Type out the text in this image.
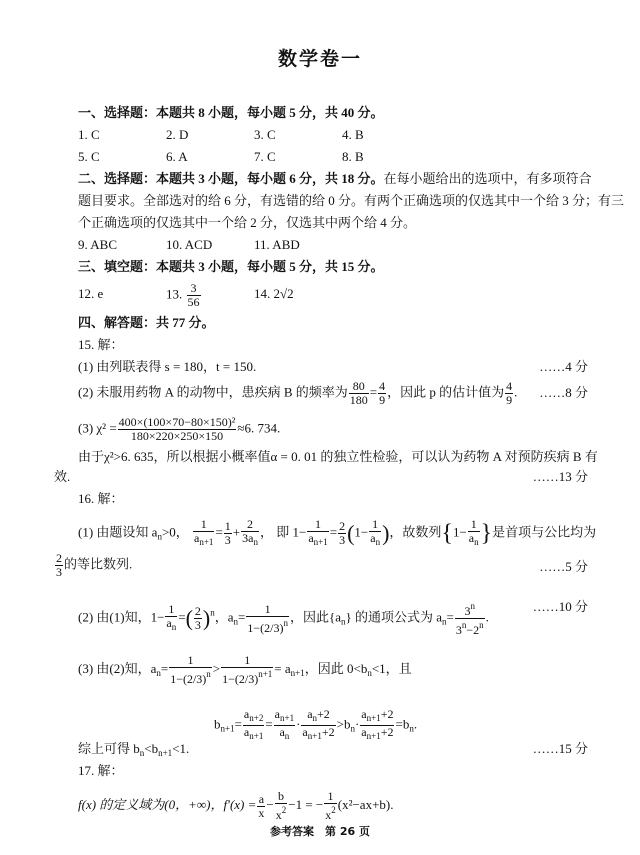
数学卷一
一、选择题：本题共 8 小题，每小题 5 分，共 40 分。
1. C	2. D	3. C	4. B
5. C	6. A	7. C	8. B
二、选择题：本题共 3 小题，每小题 6 分，共 18 分。在每小题给出的选项中，有多项符合
题目要求。全部选对的给 6 分，有选错的给 0 分。有两个正确选项的仅选其中一个给 3 分；有三
个正确选项的仅选其中一个给 2 分，仅选其中两个给 4 分。
9. ABC	10. ACD	11. ABD
三、填空题：本题共 3 小题，每小题 5 分，共 15 分。
12. e	13. $\frac{3}{56}$	14. 2√2
四、解答题：共 77 分。
15. 解：
(1) 由列联表得 s = 180，t = 150.	……4 分
(2) 未服用药物 A 的动物中，患疾病 B 的频率为 $\frac{80}{180} = \frac{4}{9}$ ，因此 p 的估计值为 $\frac{4}{9}$ . ……8 分
(3) $\chi^2 = \frac{\text{400×(100×70−80×150)²}}{180\times 220\times 250\times 150} \approx 6$. 734.
由于χ²>6. 635，所以根据小概率值α = 0. 01 的独立性检验，可以认为药物 A 对预防疾病 B 有
效.	……13 分
16. 解：
(1) 由题设知 $a_n>0$， $\frac{1}{a_{n+1}} = \frac{1}{3} + \frac{2}{3a_n}$ ， 即 $1- \frac{1}{a_{n+1}} = \frac{2}{3} (1- \frac{1}{a_n}$ )，故数列{$1- \frac{1}{a_n}$ }是首项与公比均为
$\frac{2}{3}$ 的等比数列.	……5 分
(2) 由(1)知，$1- \frac{1}{a_n}$ =( $\frac{2}{3} )^n$，$a_n= \frac{1}{1-(2/3)^n}$ ，因此$\{a_n\}$ 的通项公式为 $a_n= \frac{3^n}{3^n-2^n}$ .
……10 分
(3) 由(2)知，$a_n= \frac{1}{1-(2/3)^n} > \frac{1}{1-(2/3)^{n+1}} = a_{n+1}$，因此 $0<b_n<1$，且
$b_{n+1}= \frac{a_{n+2}}{a_{n+1}} = \frac{a_{n+1}}{a_n} \cdot \frac{a_n+2}{a_{n+1}+2} >b_n\cdot \frac{a_{n+1}+2}{a_{n+1}+2} =b_n$.
综上可得 $b_n<b_{n+1}<1$.	……15 分
17. 解：
f(x) 的定义域为(0，+∞)，$f'(x) = \frac{a}{x} - \frac{b}{x^2} -1$ = − $\frac{1}{x^2} (x^2-ax+b)$.
参考答案　第 26 页
